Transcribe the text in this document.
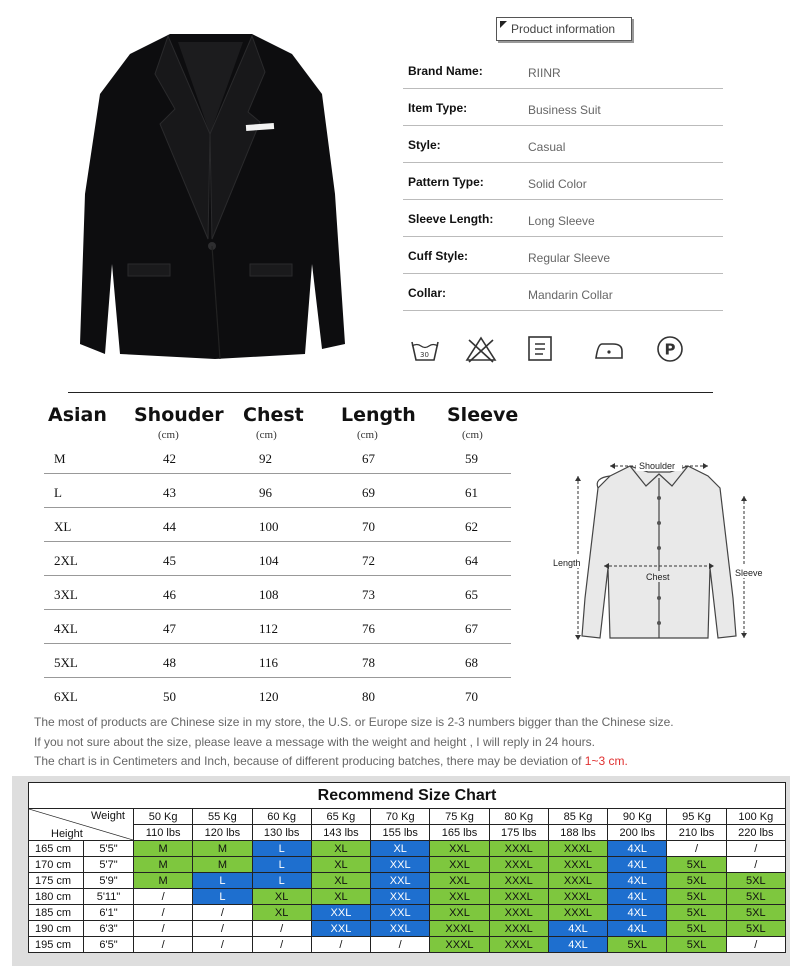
Product information
Brand Name:	RIINR
Item Type:	Business Suit
Style:	Casual
Pattern Type:	Solid Color
Sleeve Length:	Long Sleeve
Cuff Style:	Regular Sleeve
Collar:	Mandarin Collar
30	P
Asian Shouder Chest Length Sleeve
(cm)	(cm)	(cm)	(cm)
M	42	92	67	59
L	43	96	69	61
XL	44	100	70	62
2XL	45	104	72	64
3XL	46	108	73	65
4XL	47	112	76	67
5XL	48	116	78	68
6XL	50	120	80	70
Shoulder
Chest
Length
Sleeve
The most of products are Chinese size in my store, the U.S. or Europe size is 2-3 numbers bigger than the Chinese size.
If you not sure about the size, please leave a message with the weight and height , I will reply in 24 hours.
The chart is in Centimeters and Inch, because of different producing batches, there may be deviation of 1~3 cm.
Recommend Size Chart												

Weight
Height		50 Kg	55 Kg	60 Kg	65 Kg	70 Kg	75 Kg	80 Kg	85 Kg	90 Kg	95 Kg	100 Kg
		110 lbs	120 lbs	130 lbs	143 lbs	155 lbs	165 lbs	175 lbs	188 lbs	200 lbs	210 lbs	220 lbs
165 cm	5'5"	M	M	L	XL	XL	XXL	XXXL	XXXL	4XL	/	/
170 cm	5'7"	M	M	L	XL	XXL	XXL	XXXL	XXXL	4XL	5XL	/
175 cm	5'9"	M	L	L	XL	XXL	XXL	XXXL	XXXL	4XL	5XL	5XL
180 cm	5'11"	/	L	XL	XL	XXL	XXL	XXXL	XXXL	4XL	5XL	5XL
185 cm	6'1"	/	/	XL	XXL	XXL	XXL	XXXL	XXXL	4XL	5XL	5XL
190 cm	6'3"	/	/	/	XXL	XXL	XXXL	XXXL	4XL	4XL	5XL	5XL
195 cm	6'5"	/	/	/	/	/	XXXL	XXXL	4XL	5XL	5XL	/
